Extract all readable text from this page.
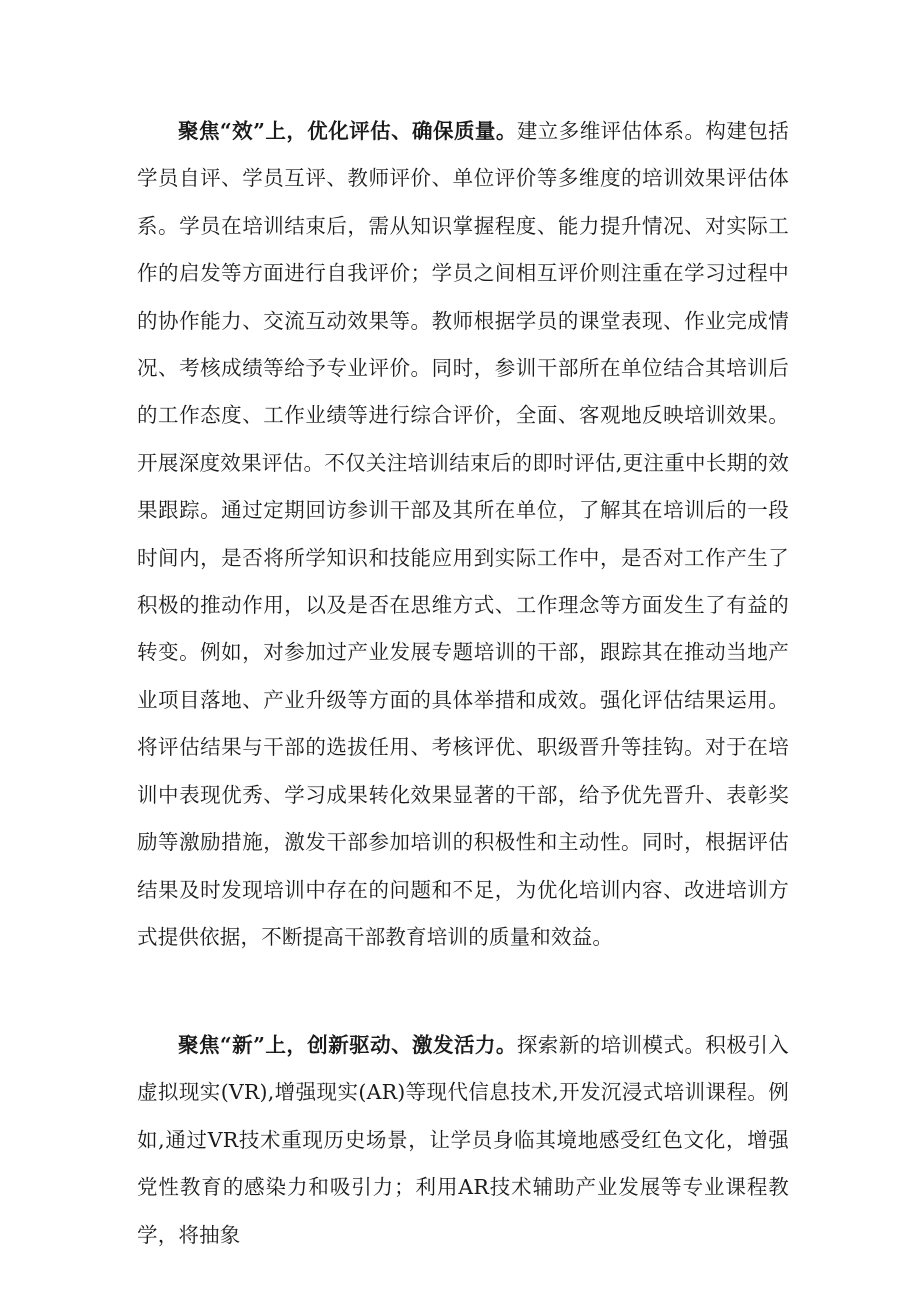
聚焦“效”上，优化评估、确保质量。建立多维评估体系。构建包括学员自评、学员互评、教师评价、单位评价等多维度的培训效果评估体系。学员在培训结束后，需从知识掌握程度、能力提升情况、对实际工作的启发等方面进行自我评价；学员之间相互评价则注重在学习过程中的协作能力、交流互动效果等。教师根据学员的课堂表现、作业完成情况、考核成绩等给予专业评价。同时，参训干部所在单位结合其培训后的工作态度、工作业绩等进行综合评价，全面、客观地反映培训效果。开展深度效果评估。不仅关注培训结束后的即时评估,更注重中长期的效果跟踪。通过定期回访参训干部及其所在单位，了解其在培训后的一段时间内，是否将所学知识和技能应用到实际工作中，是否对工作产生了积极的推动作用，以及是否在思维方式、工作理念等方面发生了有益的转变。例如，对参加过产业发展专题培训的干部，跟踪其在推动当地产业项目落地、产业升级等方面的具体举措和成效。强化评估结果运用。将评估结果与干部的选拔任用、考核评优、职级晋升等挂钩。对于在培训中表现优秀、学习成果转化效果显著的干部，给予优先晋升、表彰奖励等激励措施，激发干部参加培训的积极性和主动性。同时，根据评估结果及时发现培训中存在的问题和不足，为优化培训内容、改进培训方式提供依据，不断提高干部教育培训的质量和效益。

聚焦“新”上，创新驱动、激发活力。探索新的培训模式。积极引入虚拟现实(VR),增强现实(AR)等现代信息技术,开发沉浸式培训课程。例如,通过VR技术重现历史场景，让学员身临其境地感受红色文化，增强党性教育的感染力和吸引力；利用AR技术辅助产业发展等专业课程教学，将抽象
